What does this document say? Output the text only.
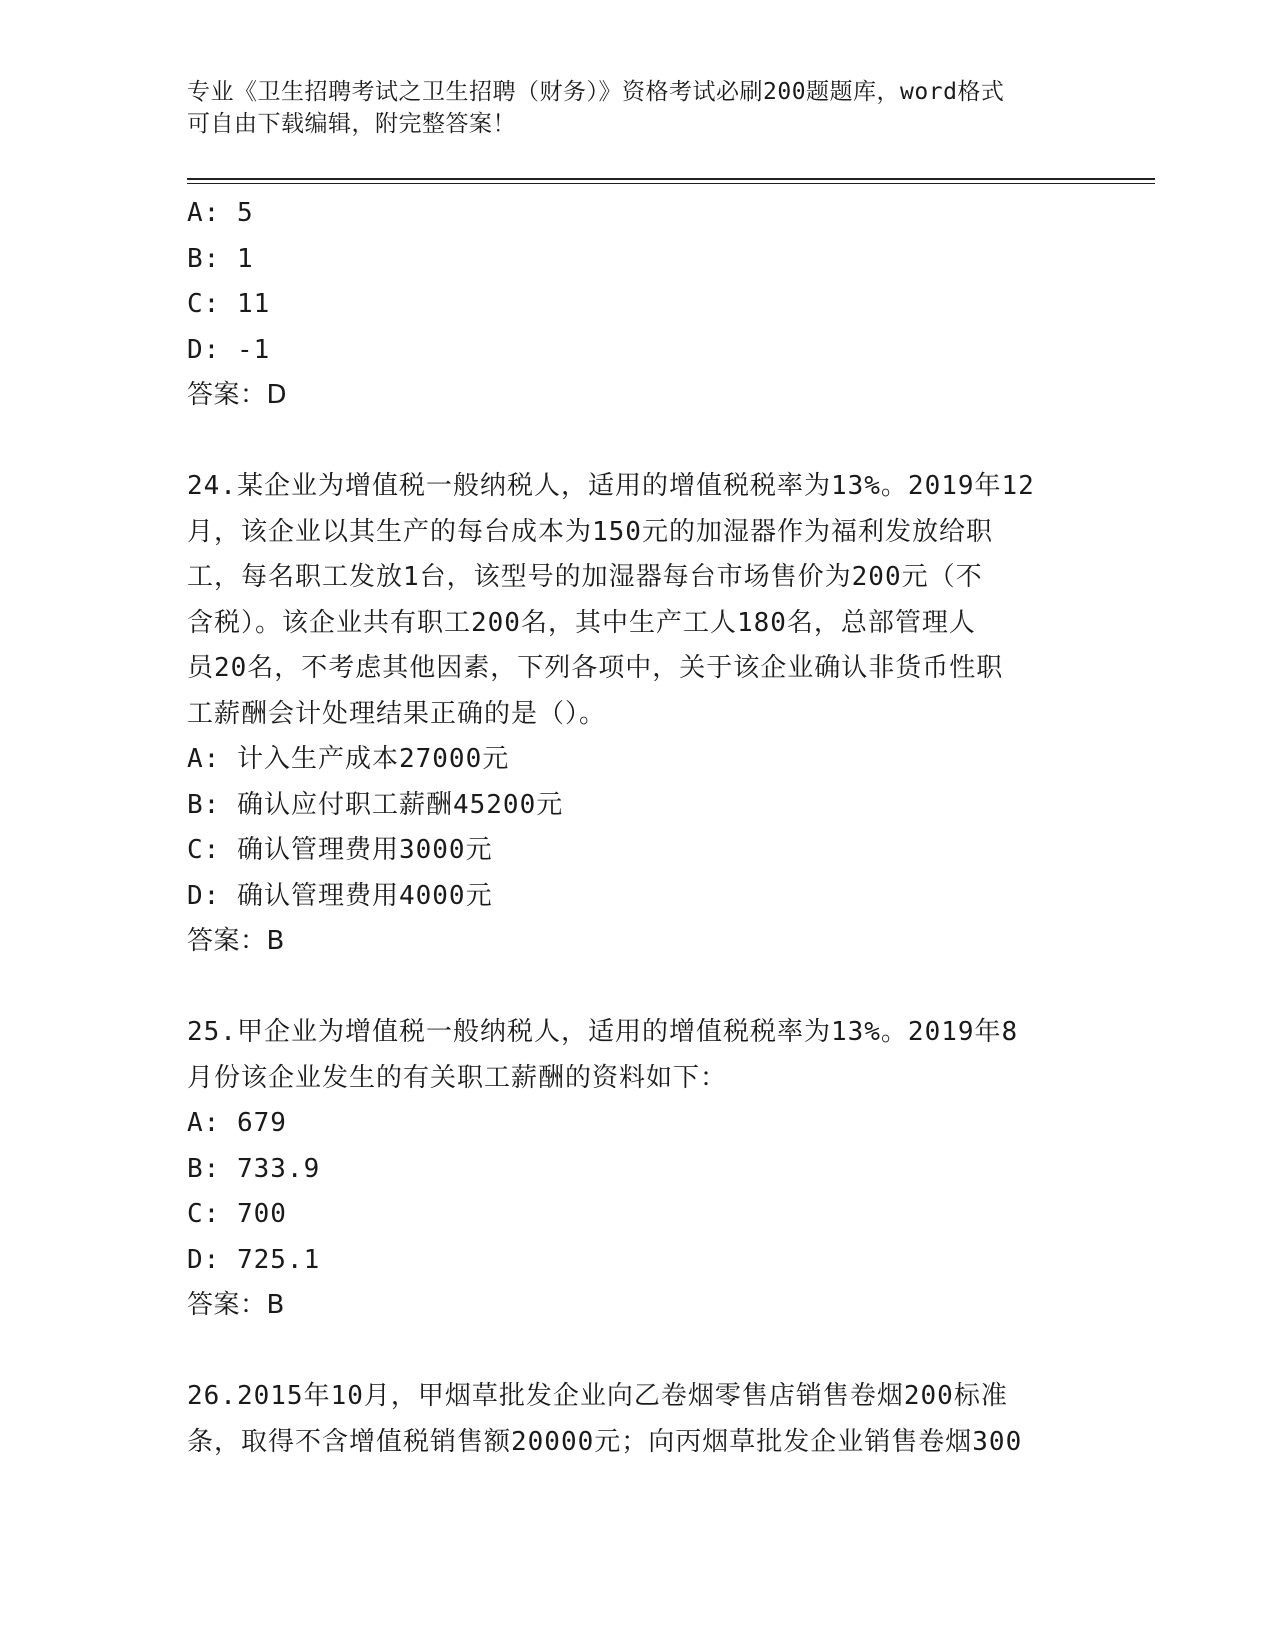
专业《卫生招聘考试之卫生招聘（财务）》资格考试必刷200题题库，word格式
可自由下载编辑，附完整答案！

A: 5

B: 1

C: 11

D: -1

答案：D

24.某企业为增值税一般纳税人，适用的增值税税率为13%。2019年12

月，该企业以其生产的每台成本为150元的加湿器作为福利发放给职

工，每名职工发放1台，该型号的加湿器每台市场售价为200元（不

含税）。该企业共有职工200名，其中生产工人180名，总部管理人

员20名，不考虑其他因素，下列各项中，关于该企业确认非货币性职

工薪酬会计处理结果正确的是（）。

A: 计入生产成本27000元

B: 确认应付职工薪酬45200元

C: 确认管理费用3000元

D: 确认管理费用4000元

答案：B

25.甲企业为增值税一般纳税人，适用的增值税税率为13%。2019年8

月份该企业发生的有关职工薪酬的资料如下：

A: 679

B: 733.9

C: 700

D: 725.1

答案：B

26.2015年10月，甲烟草批发企业向乙卷烟零售店销售卷烟200标准

条，取得不含增值税销售额20000元；向丙烟草批发企业销售卷烟300
